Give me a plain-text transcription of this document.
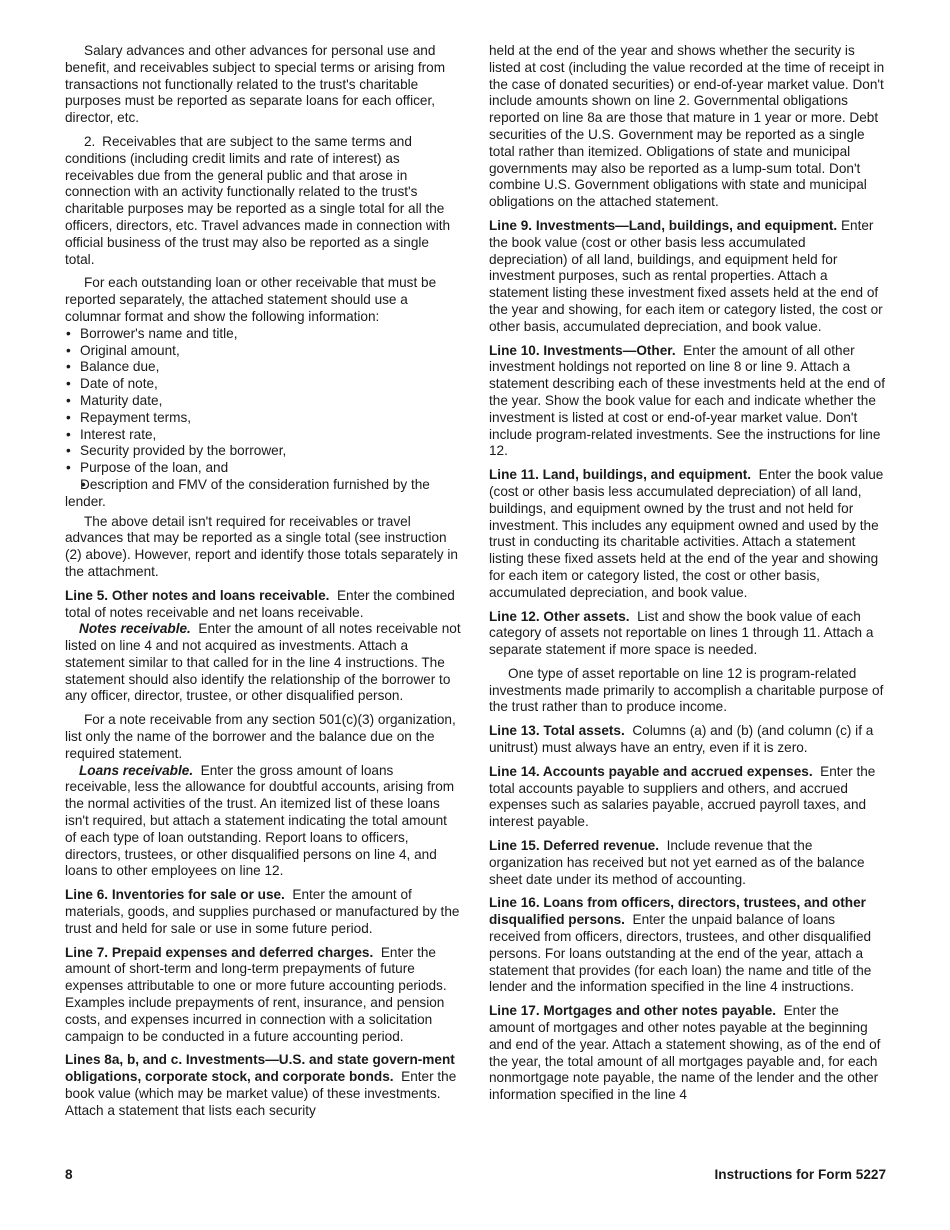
Salary advances and other advances for personal use and benefit, and receivables subject to special terms or arising from transactions not functionally related to the trust's charitable purposes must be reported as separate loans for each officer, director, etc.

2. Receivables that are subject to the same terms and conditions (including credit limits and rate of interest) as receivables due from the general public and that arose in connection with an activity functionally related to the trust's charitable purposes may be reported as a single total for all the officers, directors, etc. Travel advances made in connection with official business of the trust may also be reported as a single total.

For each outstanding loan or other receivable that must be reported separately, the attached statement should use a columnar format and show the following information:

• Borrower's name and title,
• Original amount,
• Balance due,
• Date of note,
• Maturity date,
• Repayment terms,
• Interest rate,
• Security provided by the borrower,
• Purpose of the loan, and
• Description and FMV of the consideration furnished by the lender.

The above detail isn't required for receivables or travel advances that may be reported as a single total (see instruction (2) above). However, report and identify those totals separately in the attachment.

Line 5. Other notes and loans receivable. Enter the combined total of notes receivable and net loans receivable.

Notes receivable. Enter the amount of all notes receivable not listed on line 4 and not acquired as investments. Attach a statement similar to that called for in the line 4 instructions. The statement should also identify the relationship of the borrower to any officer, director, trustee, or other disqualified person.

For a note receivable from any section 501(c)(3) organization, list only the name of the borrower and the balance due on the required statement.

Loans receivable. Enter the gross amount of loans receivable, less the allowance for doubtful accounts, arising from the normal activities of the trust. An itemized list of these loans isn't required, but attach a statement indicating the total amount of each type of loan outstanding. Report loans to officers, directors, trustees, or other disqualified persons on line 4, and loans to other employees on line 12.

Line 6. Inventories for sale or use. Enter the amount of materials, goods, and supplies purchased or manufactured by the trust and held for sale or use in some future period.

Line 7. Prepaid expenses and deferred charges. Enter the amount of short-term and long-term prepayments of future expenses attributable to one or more future accounting periods. Examples include prepayments of rent, insurance, and pension costs, and expenses incurred in connection with a solicitation campaign to be conducted in a future accounting period.

Lines 8a, b, and c. Investments—U.S. and state govern-ment obligations, corporate stock, and corporate bonds. Enter the book value (which may be market value) of these investments. Attach a statement that lists each security

held at the end of the year and shows whether the security is listed at cost (including the value recorded at the time of receipt in the case of donated securities) or end-of-year market value. Don't include amounts shown on line 2. Governmental obligations reported on line 8a are those that mature in 1 year or more. Debt securities of the U.S. Government may be reported as a single total rather than itemized. Obligations of state and municipal governments may also be reported as a lump-sum total. Don't combine U.S. Government obligations with state and municipal obligations on the attached statement.

Line 9. Investments—Land, buildings, and equipment. Enter the book value (cost or other basis less accumulated depreciation) of all land, buildings, and equipment held for investment purposes, such as rental properties. Attach a statement listing these investment fixed assets held at the end of the year and showing, for each item or category listed, the cost or other basis, accumulated depreciation, and book value.

Line 10. Investments—Other. Enter the amount of all other investment holdings not reported on line 8 or line 9. Attach a statement describing each of these investments held at the end of the year. Show the book value for each and indicate whether the investment is listed at cost or end-of-year market value. Don't include program-related investments. See the instructions for line 12.

Line 11. Land, buildings, and equipment. Enter the book value (cost or other basis less accumulated depreciation) of all land, buildings, and equipment owned by the trust and not held for investment. This includes any equipment owned and used by the trust in conducting its charitable activities. Attach a statement listing these fixed assets held at the end of the year and showing for each item or category listed, the cost or other basis, accumulated depreciation, and book value.

Line 12. Other assets. List and show the book value of each category of assets not reportable on lines 1 through 11. Attach a separate statement if more space is needed.

One type of asset reportable on line 12 is program-related investments made primarily to accomplish a charitable purpose of the trust rather than to produce income.

Line 13. Total assets. Columns (a) and (b) (and column (c) if a unitrust) must always have an entry, even if it is zero.

Line 14. Accounts payable and accrued expenses. Enter the total accounts payable to suppliers and others, and accrued expenses such as salaries payable, accrued payroll taxes, and interest payable.

Line 15. Deferred revenue. Include revenue that the organization has received but not yet earned as of the balance sheet date under its method of accounting.

Line 16. Loans from officers, directors, trustees, and other disqualified persons. Enter the unpaid balance of loans received from officers, directors, trustees, and other disqualified persons. For loans outstanding at the end of the year, attach a statement that provides (for each loan) the name and title of the lender and the information specified in the line 4 instructions.

Line 17. Mortgages and other notes payable. Enter the amount of mortgages and other notes payable at the beginning and end of the year. Attach a statement showing, as of the end of the year, the total amount of all mortgages payable and, for each nonmortgage note payable, the name of the lender and the other information specified in the line 4

8	Instructions for Form 5227
